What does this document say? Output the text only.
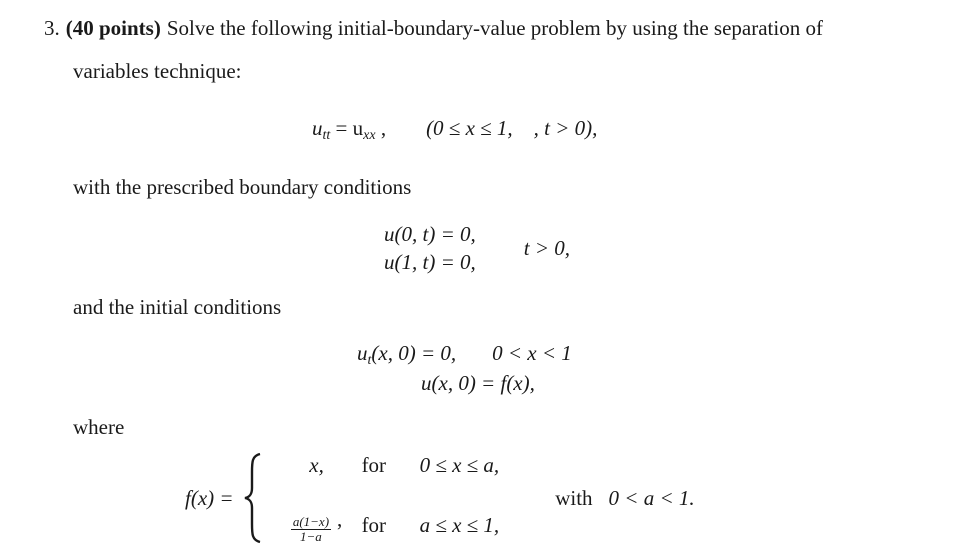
3. (40 points) Solve the following initial-boundary-value problem by using the separation of
variables technique:
$u_{tt} = u_{xx}$ , (0 ≤ x ≤ 1,    , t > 0),
with the prescribed boundary conditions
u(0, t) = 0,
u(1, t) = 0,
t > 0,
and the initial conditions
$u_t(x$, 0) = 0, 0 < x < 1
u(x, 0) = f(x),
where
f(x) =
x,	for	0 ≤ x ≤ a,
$\frac{a(1-x)}{1-a}$ , for	a ≤ x ≤ 1,
with 0 < a < 1.
